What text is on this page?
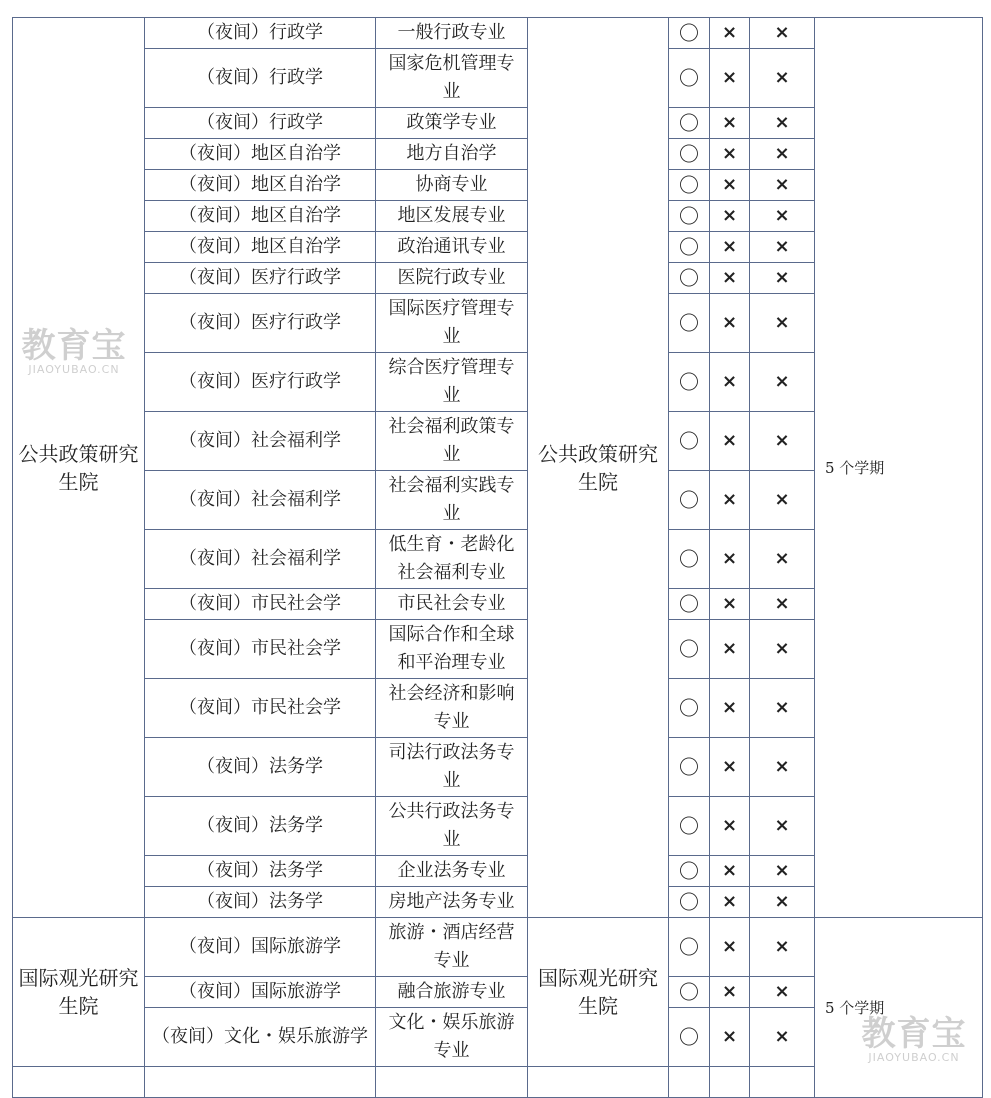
公共政策研究生院	（夜间）行政学	一般行政专业	公共政策研究生院	〇	×	×	5 个学期
	（夜间）行政学	国家危机管理专业		〇	×	×	
	（夜间）行政学	政策学专业		〇	×	×	
	（夜间）地区自治学	地方自治学		〇	×	×	
	（夜间）地区自治学	协商专业		〇	×	×	
	（夜间）地区自治学	地区发展专业		〇	×	×	
	（夜间）地区自治学	政治通讯专业		〇	×	×	
	（夜间）医疗行政学	医院行政专业		〇	×	×	
	（夜间）医疗行政学	国际医疗管理专业		〇	×	×	
	（夜间）医疗行政学	综合医疗管理专业		〇	×	×	
	（夜间）社会福利学	社会福利政策专业		〇	×	×	
	（夜间）社会福利学	社会福利实践专业		〇	×	×	
	（夜间）社会福利学	低生育・老龄化社会福利专业		〇	×	×	
	（夜间）市民社会学	市民社会专业		〇	×	×	
	（夜间）市民社会学	国际合作和全球和平治理专业		〇	×	×	
	（夜间）市民社会学	社会经济和影响专业		〇	×	×	
	（夜间）法务学	司法行政法务专业		〇	×	×	
	（夜间）法务学	公共行政法务专业		〇	×	×	
	（夜间）法务学	企业法务专业		〇	×	×	
	（夜间）法务学	房地产法务专业		〇	×	×	
国际观光研究生院	（夜间）国际旅游学	旅游・酒店经营专业	国际观光研究生院	〇	×	×	5 个学期
	（夜间）国际旅游学	融合旅游专业		〇	×	×	
	（夜间）文化・娱乐旅游学	文化・娱乐旅游专业		〇	×	×	

教育宝
JIAOYUBAO.CN
教育宝
JIAOYUBAO.CN
